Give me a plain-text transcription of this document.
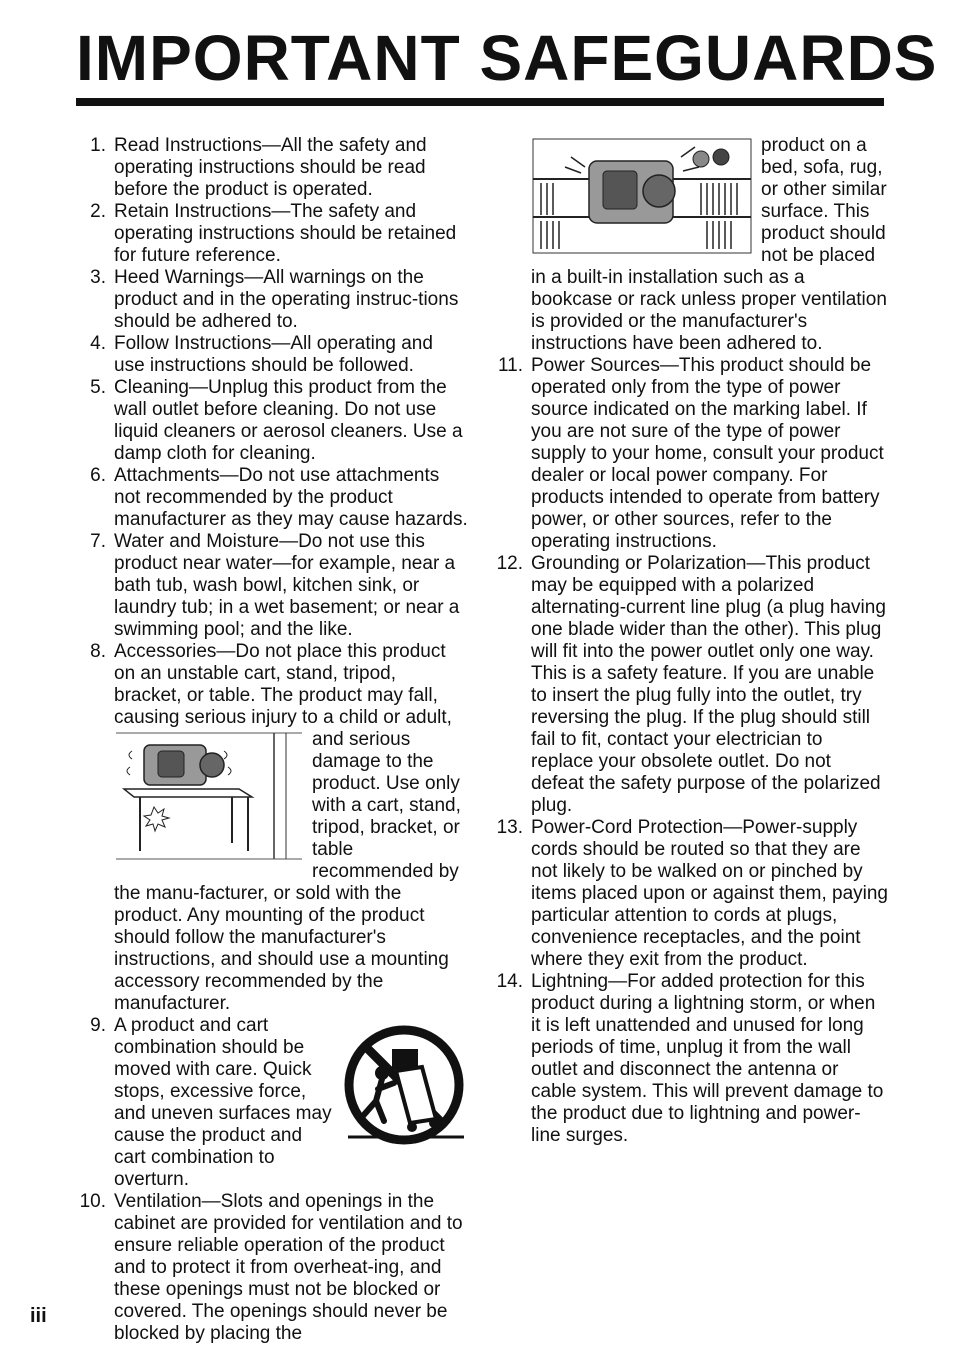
IMPORTANT SAFEGUARDS

1. Read Instructions—All the safety and operating instructions should be read before the product is operated.

2. Retain Instructions—The safety and operating instructions should be retained for future reference.

3. Heed Warnings—All warnings on the product and in the operating instruc-tions should be adhered to.

4. Follow Instructions—All operating and use instructions should be followed.

5. Cleaning—Unplug this product from the wall outlet before cleaning. Do not use liquid cleaners or aerosol cleaners. Use a damp cloth for cleaning.

6. Attachments—Do not use attachments not recommended by the product manufacturer as they may cause hazards.

7. Water and Moisture—Do not use this product near water—for example, near a bath tub, wash bowl, kitchen sink, or laundry tub; in a wet basement; or near a swimming pool; and the like.

8. Accessories—Do not place this product on an unstable cart, stand, tripod, bracket, or table. The product may fall, causing serious injury to a child or adult, and serious damage to the product. Use only with a cart, stand, tripod, bracket, or table recommended by the manu-facturer, or sold with the product. Any mounting of the product should follow the manufacturer's instructions, and should use a mounting accessory recommended by the manufacturer.
9. A product and cart combination should be moved with care. Quick stops, excessive force, and uneven surfaces may cause the product and cart combination to overturn.

10. Ventilation—Slots and openings in the cabinet are provided for ventilation and to ensure reliable operation of the product and to protect it from overheat-ing, and these openings must not be blocked or covered. The openings should never be blocked by placing the

product on a bed, sofa, rug, or other similar surface. This product should not be placed in a built-in installation such as a bookcase or rack unless proper ventilation is provided or the manufacturer's instructions have been adhered to.

11. Power Sources—This product should be operated only from the type of power source indicated on the marking label. If you are not sure of the type of power supply to your home, consult your product dealer or local power company. For products intended to operate from battery power, or other sources, refer to the operating instructions.

12. Grounding or Polarization—This product may be equipped with a polarized alternating-current line plug (a plug having one blade wider than the other). This plug will fit into the power outlet only one way. This is a safety feature. If you are unable to insert the plug fully into the outlet, try reversing the plug. If the plug should still fail to fit, contact your electrician to replace your obsolete outlet. Do not defeat the safety purpose of the polarized plug.

13. Power-Cord Protection—Power-supply cords should be routed so that they are not likely to be walked on or pinched by items placed upon or against them, paying particular attention to cords at plugs, convenience receptacles, and the point where they exit from the product.

14. Lightning—For added protection for this product during a lightning storm, or when it is left unattended and unused for long periods of time, unplug it from the wall outlet and disconnect the antenna or cable system. This will prevent damage to the product due to lightning and power-line surges.

iii
